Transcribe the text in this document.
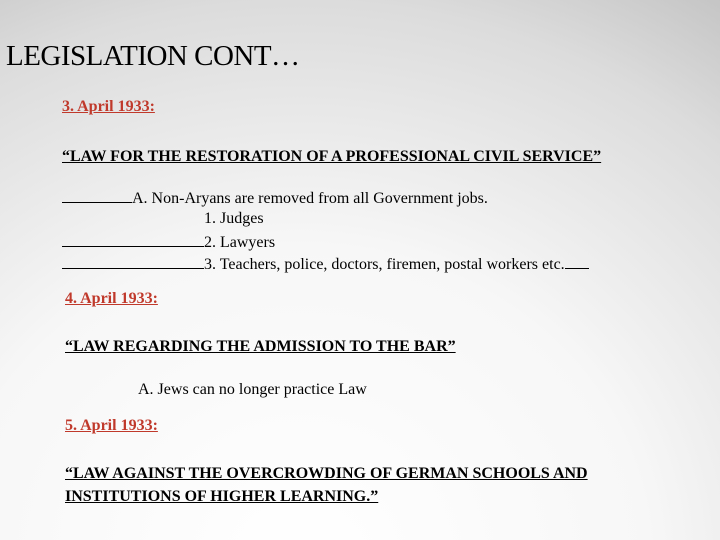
LEGISLATION CONT…
3. April 1933:
“LAW FOR THE RESTORATION OF A PROFESSIONAL CIVIL SERVICE”
A. Non-Aryans are removed from all Government jobs.
1. Judges
2. Lawyers
3. Teachers, police, doctors, firemen, postal workers etc.
4. April 1933:
“LAW REGARDING THE ADMISSION TO THE BAR”
A. Jews can no longer practice Law
5. April 1933:
“LAW AGAINST THE OVERCROWDING OF GERMAN SCHOOLS AND
INSTITUTIONS OF HIGHER LEARNING.”
